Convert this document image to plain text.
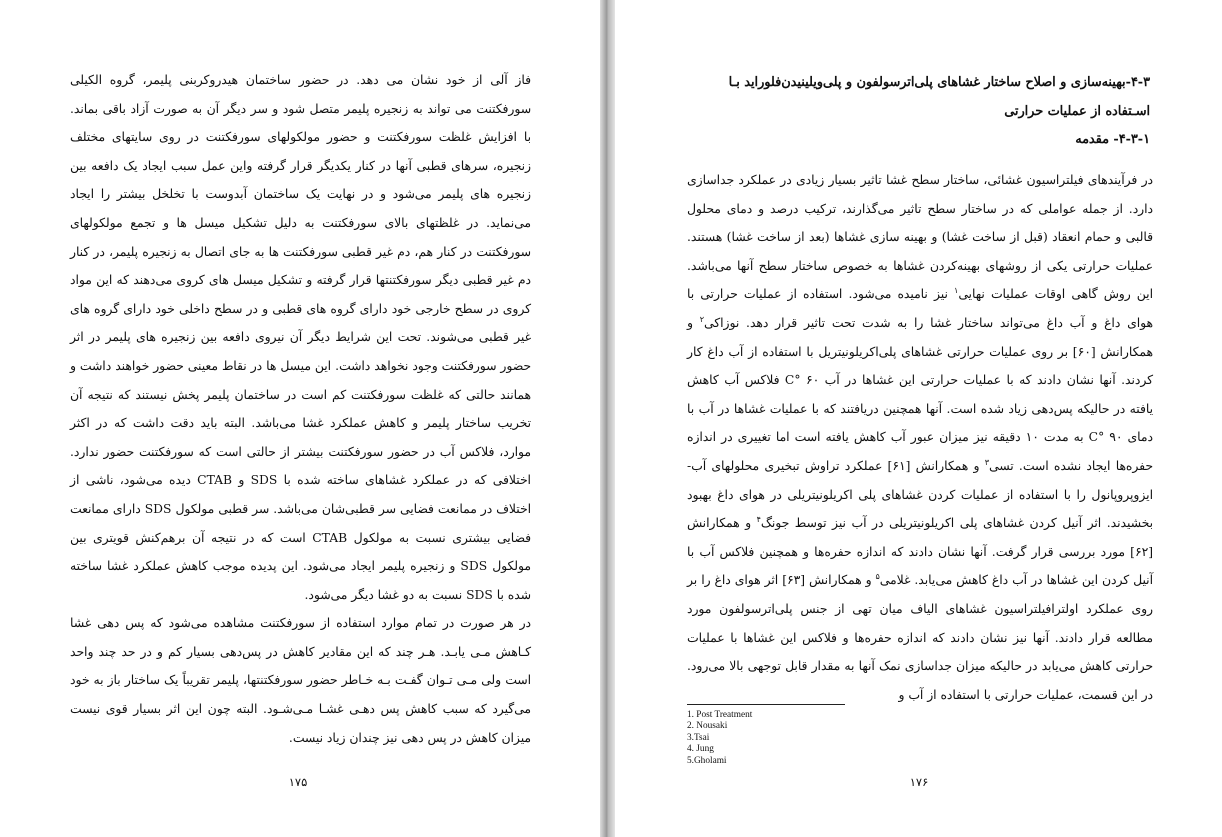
فاز آلی از خود نشان می دهد. در حضور ساختمان هیدروکربنی پلیمر، گروه الکیلی سورفکتنت می تواند به زنجیره پلیمر متصل شود و سر دیگر آن به صورت آزاد باقی بماند. با افزایش غلظت سورفکتنت و حضور مولکولهای سورفکتنت در روی سایتهای مختلف زنجیره، سرهای قطبی آنها در کنار یکدیگر قرار گرفته واین عمل سبب ایجاد یک دافعه بین زنجیره های پلیمر می‌شود و در نهایت یک ساختمان آبدوست با تخلخل بیشتر را ایجاد می‌نماید. در غلظتهای بالای سورفکتنت به دلیل تشکیل میسل ها و تجمع مولکولهای سورفکتنت در کنار هم، دم غیر قطبی سورفکتنت ها به جای اتصال به زنجیره پلیمر، در کنار دم غیر قطبی دیگر سورفکتنتها قرار گرفته و تشکیل میسل های کروی می‌دهند که این مواد کروی در سطح خارجی خود دارای گروه های قطبی و در سطح داخلی خود دارای گروه های غیر قطبی می‌شوند. تحت این شرایط دیگر آن نیروی دافعه بین زنجیره های پلیمر در اثر حضور سورفکتنت وجود نخواهد داشت. این میسل ها در نقاط معینی حضور خواهند داشت و همانند حالتی که غلظت سورفکتنت کم است در ساختمان پلیمر پخش نیستند که نتیجه آن تخریب ساختار پلیمر و کاهش عملکرد غشا می‌باشد. البته باید دقت داشت که در اکثر موارد، فلاکس آب در حضور سورفکتنت بیشتر از حالتی است که سورفکتنت حضور ندارد. اختلافی که در عملکرد غشاهای ساخته شده با SDS و CTAB دیده می‌شود، ناشی از اختلاف در ممانعت فضایی سر قطبی‌شان می‌باشد. سر قطبی مولکول SDS دارای ممانعت فضایی بیشتری نسبت به مولکول CTAB است که در نتیجه آن برهم‌کنش قویتری بین مولکول SDS و زنجیره پلیمر ایجاد می‌شود. این پدیده موجب کاهش عملکرد غشا ساخته شده با SDS نسبت به دو غشا دیگر می‌شود.

در هر صورت در تمام موارد استفاده از سورفکتنت مشاهده می‌شود که پس دهی غشا کـاهش مـی یابـد. هـر چند که این مقادیر کاهش در پس‌دهی بسیار کم و در حد چند واحد است ولی مـی تـوان گفـت بـه خـاطر حضور سورفکتنتها، پلیمر تقریباً یک ساختار باز به خود می‌گیرد که سبب کاهش پس دهـی غشـا مـی‌شـود. البته چون این اثر بسیار قوی نیست میزان کاهش در پس دهی نیز چندان زیاد نیست.

۱۷۵
۴-۳-بهینه‌سازی و اصلاح ساختار غشاهای پلی‌اترسولفون و پلی‌ویلینیدن‌فلوراید بـا اسـتفاده از عملیات حرارتی
۴-۳-۱- مقدمه

در فرآیندهای فیلتراسیون غشائی، ساختار سطح غشا تاثیر بسیار زیادی در عملکرد جداسازی دارد. از جمله عواملی که در ساختار سطح تاثیر می‌گذارند، ترکیب درصد و دمای محلول قالبی و حمام انعقاد (قبل از ساخت غشا) و بهینه سازی غشاها (بعد از ساخت غشا) هستند. عملیات حرارتی یکی از روشهای بهینه‌کردن غشاها به خصوص ساختار سطح آنها می‌باشد. این روش گاهی اوقات عملیات نهایی$^۱$ نیز نامیده می‌شود. استفاده از عملیات حرارتی با هوای داغ و آب داغ می‌تواند ساختار غشا را به شدت تحت تاثیر قرار دهد. نوزاکی$^۲$ و همکارانش [۶۰] بر روی عملیات حرارتی غشاهای پلی‌اکریلونیتریل با استفاده از آب داغ کار کردند. آنها نشان دادند که با عملیات حرارتی این غشاها در آب ۶۰ °C فلاکس آب کاهش یافته در حالیکه پس‌دهی زیاد شده است. آنها همچنین دریافتند که با عملیات غشاها در آب با دمای ۹۰ °C به مدت ۱۰ دقیقه نیز میزان عبور آب کاهش یافته است اما تغییری در اندازه حفره‌ها ایجاد نشده است. تسی$^۳$ و همکارانش [۶۱] عملکرد تراوش تبخیری محلولهای آب-ایزوپروپانول را با استفاده از عملیات کردن غشاهای پلی اکریلونیتریلی در هوای داغ بهبود بخشیدند. اثر آنیل کردن غشاهای پلی اکریلونیتریلی در آب نیز توسط جونگ$^۴$ و همکارانش [۶۲] مورد بررسی قرار گرفت. آنها نشان دادند که اندازه حفره‌ها و همچنین فلاکس آب با آنیل کردن این غشاها در آب داغ کاهش می‌یابد. غلامی$^۵$ و همکارانش [۶۳] اثر هوای داغ را بر روی عملکرد اولترافیلتراسیون غشاهای الیاف میان تهی از جنس پلی‌اترسولفون مورد مطالعه قرار دادند. آنها نیز نشان دادند که اندازه حفره‌ها و فلاکس این غشاها با عملیات حرارتی کاهش می‌یابد در حالیکه میزان جداسازی نمک آنها به مقدار قابل توجهی بالا می‌رود. در این قسمت، عملیات حرارتی با استفاده از آب و

1. Post Treatment
2. Nousaki
3.Tsai
4. Jung
5.Gholami
۱۷۶
